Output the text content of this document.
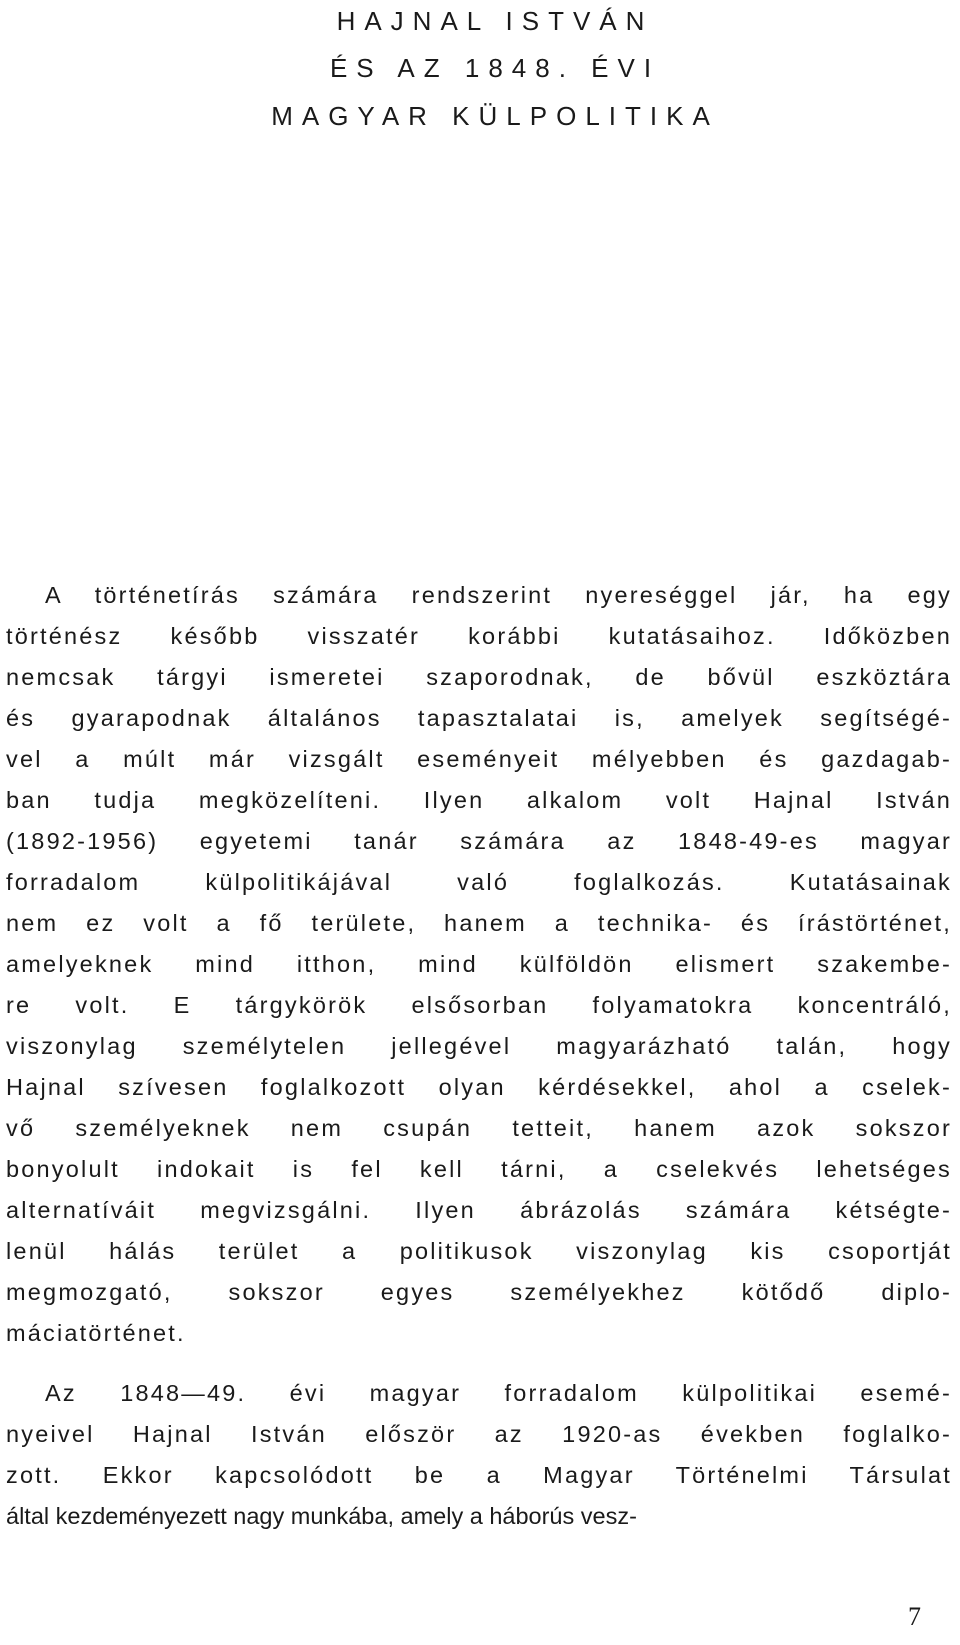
HAJNAL ISTVÁN
ÉS AZ 1848. ÉVI
MAGYAR KÜLPOLITIKA
A történetírás számára rendszerint nyereséggel jár, ha egy
történész később visszatér korábbi kutatásaihoz. Időközben
nemcsak tárgyi ismeretei szaporodnak, de bővül eszköztára
és gyarapodnak általános tapasztalatai is, amelyek segítségé-
vel a múlt már vizsgált eseményeit mélyebben és gazdagab-
ban tudja megközelíteni. Ilyen alkalom volt Hajnal István
(1892-1956) egyetemi tanár számára az 1848-49-es magyar
forradalom külpolitikájával való foglalkozás. Kutatásainak
nem ez volt a fő területe, hanem a technika- és írástörténet,
amelyeknek mind itthon, mind külföldön elismert szakembe-
re volt. E tárgykörök elsősorban folyamatokra koncentráló,
viszonylag személytelen jellegével magyarázható talán, hogy
Hajnal szívesen foglalkozott olyan kérdésekkel, ahol a cselek-
vő személyeknek nem csupán tetteit, hanem azok sokszor
bonyolult indokait is fel kell tárni, a cselekvés lehetséges
alternatíváit megvizsgálni. Ilyen ábrázolás számára kétségte-
lenül hálás terület a politikusok viszonylag kis csoportját
megmozgató, sokszor egyes személyekhez kötődő diplo-
máciatörténet.
Az 1848—49. évi magyar forradalom külpolitikai esemé-
nyeivel Hajnal István először az 1920-as években foglalko-
zott. Ekkor kapcsolódott be a Magyar Történelmi Társulat
által kezdeményezett nagy munkába, amely a háborús vesz-
7
